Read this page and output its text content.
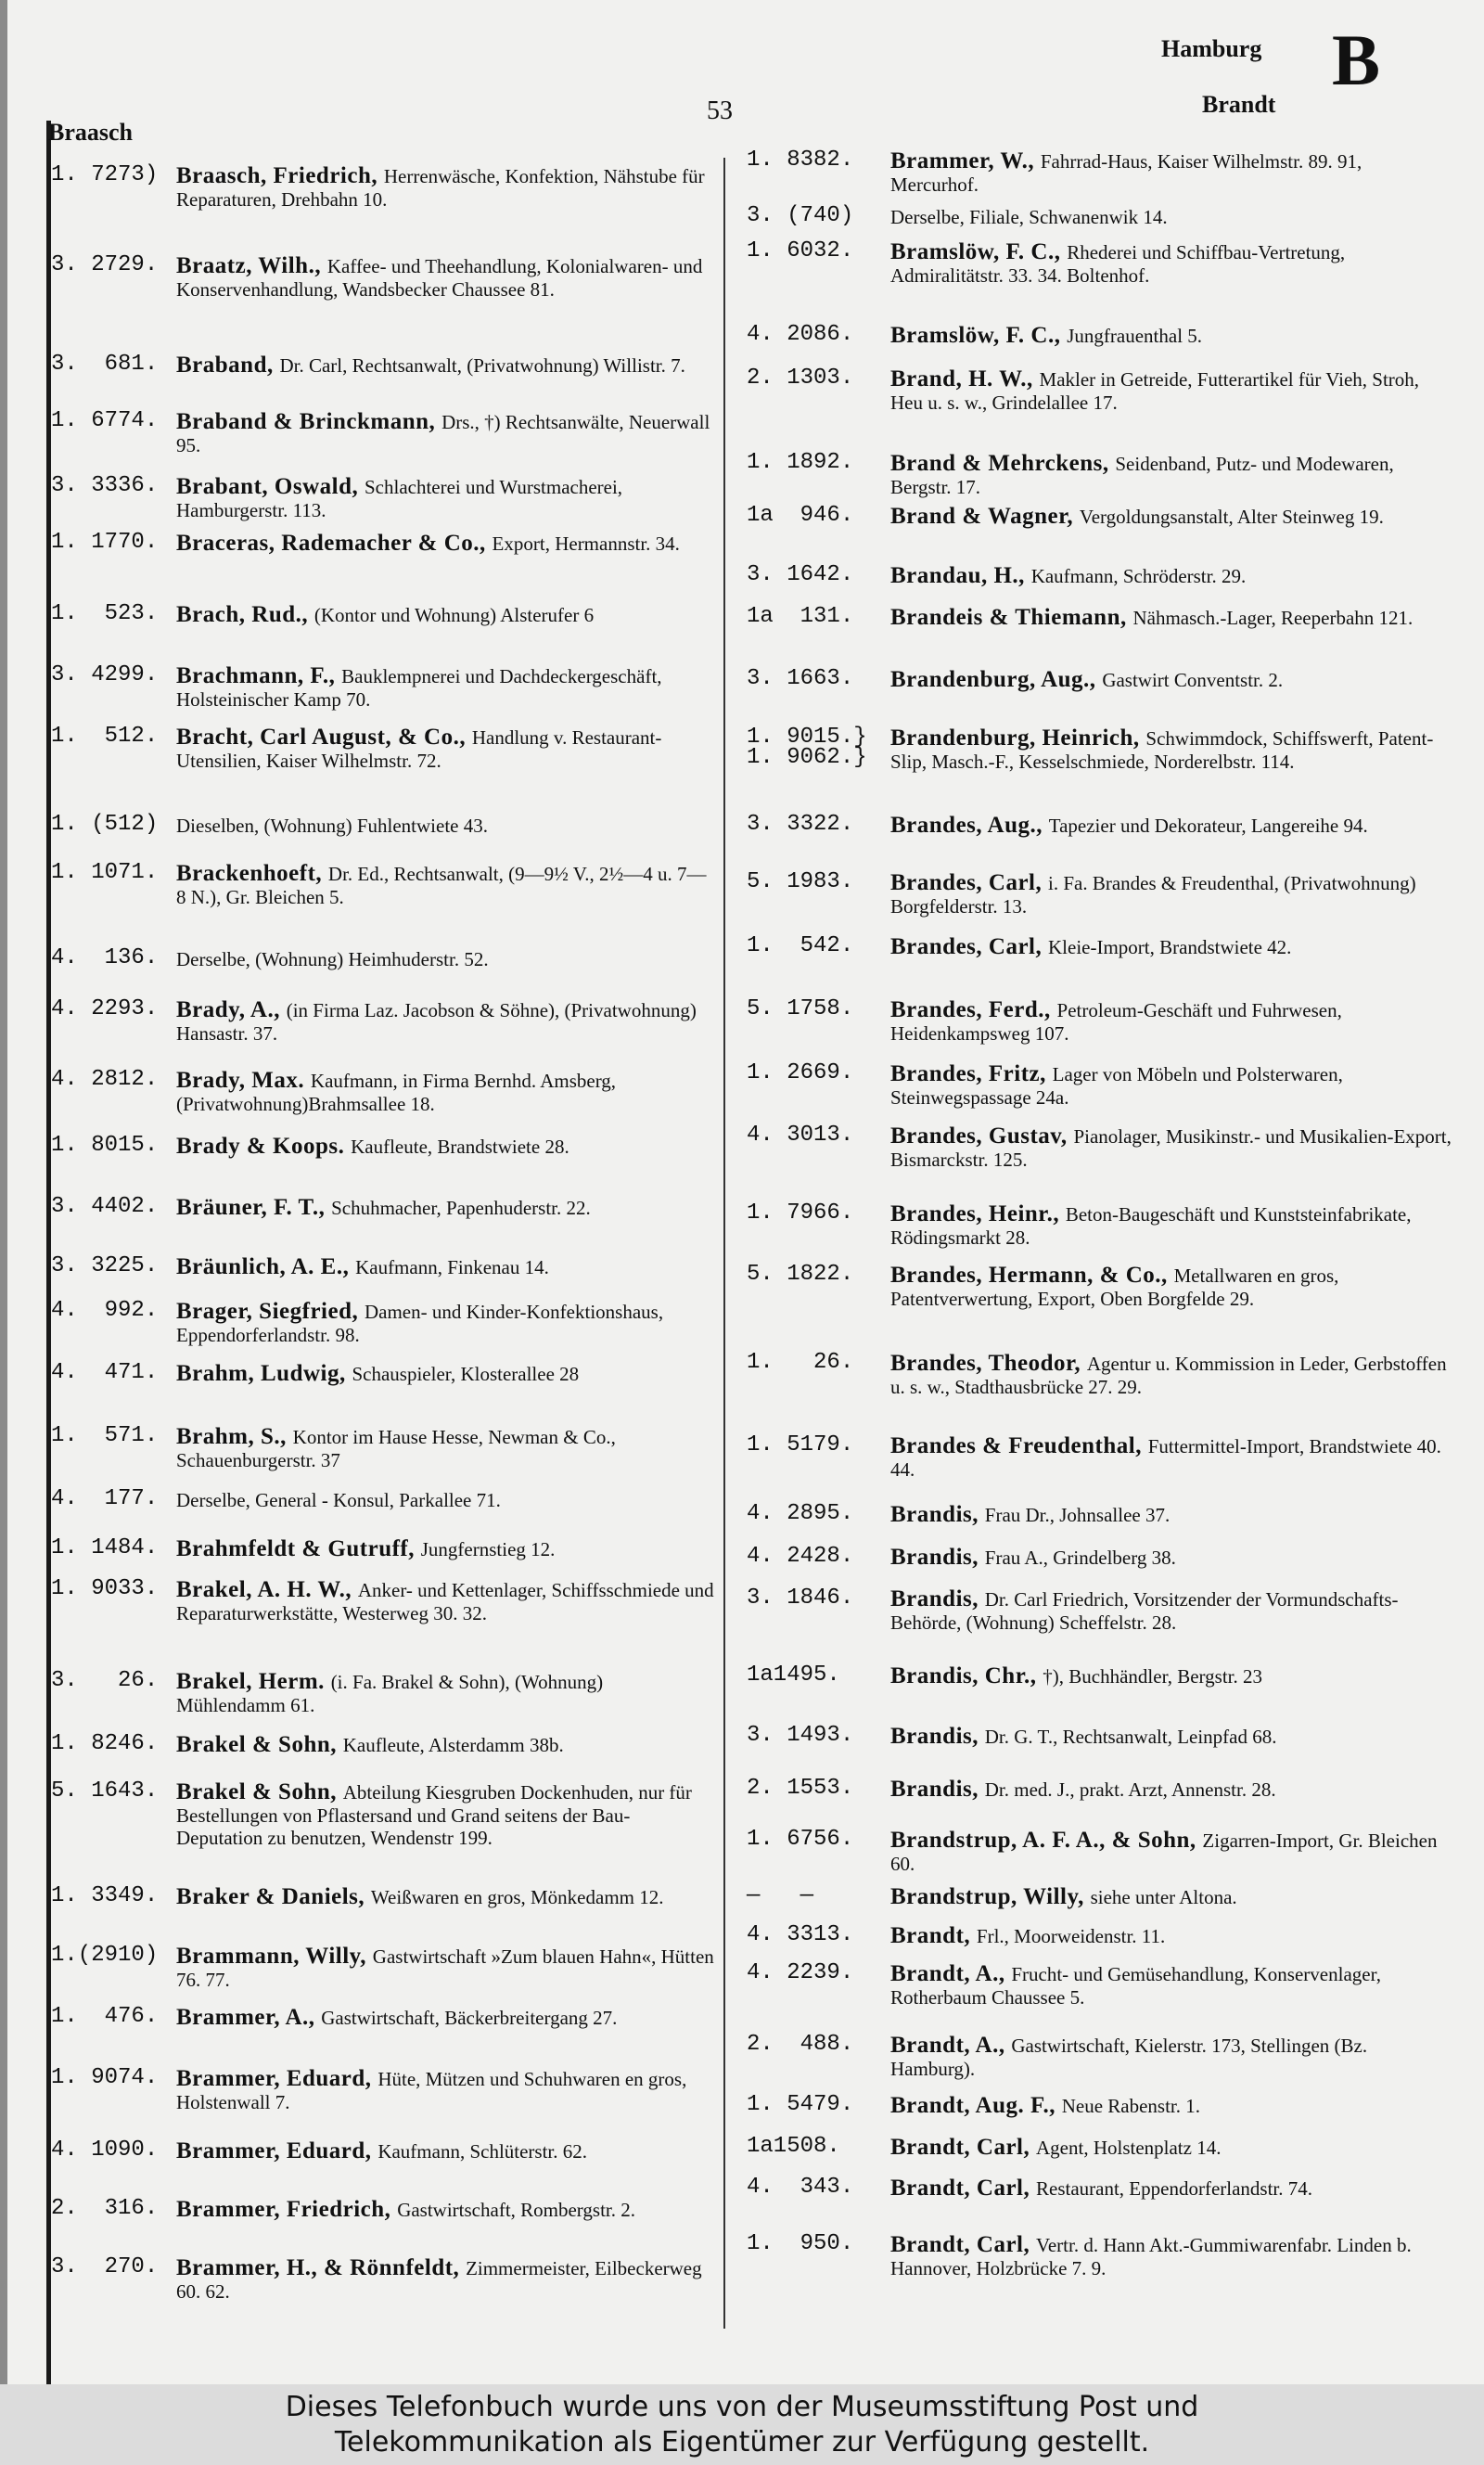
Braasch
53
Hamburg B
Brandt
1. 7273) Braasch, Friedrich, Herrenwäsche, Konfektion, Nähstube für Reparaturen, Drehbahn 10.
3. 2729. Braatz, Wilh., Kaffee- und Theehandlung, Kolonialwaren- und Konservenhandlung, Wandsbecker Chaussee 81.
3.  681. Braband, Dr. Carl, Rechtsanwalt, (Privatwohnung) Willistr. 7.
1. 6774. Braband & Brinckmann, Drs., †) Rechtsanwälte, Neuerwall 95.
3. 3336. Brabant, Oswald, Schlachterei und Wurstmacherei, Hamburgerstr. 113.
1. 1770. Braceras, Rademacher & Co., Export, Hermannstr. 34.
1.  523. Brach, Rud., (Kontor und Wohnung) Alsterufer 6
3. 4299. Brachmann, F., Bauklempnerei und Dachdeckergeschäft, Holsteinischer Kamp 70.
1.  512. Bracht, Carl August, & Co., Handlung v. Restaurant-Utensilien, Kaiser Wilhelmstr. 72.
1. (512) Dieselben, (Wohnung) Fuhlentwiete 43.
1. 1071. Brackenhoeft, Dr. Ed., Rechtsanwalt, (9—9½ V., 2½—4 u. 7—8 N.), Gr. Bleichen 5.
4.  136. Derselbe, (Wohnung) Heimhuderstr. 52.
4. 2293. Brady, A., (in Firma Laz. Jacobson & Söhne), (Privatwohnung) Hansastr. 37.
4. 2812. Brady, Max. Kaufmann, in Firma Bernhd. Amsberg, (Privatwohnung)Brahmsallee 18.
1. 8015. Brady & Koops. Kaufleute, Brandstwiete 28.
3. 4402. Bräuner, F. T., Schuhmacher, Papenhuderstr. 22.
3. 3225. Bräunlich, A. E., Kaufmann, Finkenau 14.
4.  992. Brager, Siegfried, Damen- und Kinder-Konfektionshaus, Eppendorferlandstr. 98.
4.  471. Brahm, Ludwig, Schauspieler, Klosterallee 28
1.  571. Brahm, S., Kontor im Hause Hesse, Newman & Co., Schauenburgerstr. 37
4.  177. Derselbe, General - Konsul, Parkallee 71.
1. 1484. Brahmfeldt & Gutruff, Jungfernstieg 12.
1. 9033. Brakel, A. H. W., Anker- und Kettenlager, Schiffsschmiede und Reparaturwerkstätte, Westerweg 30. 32.
3.   26. Brakel, Herm. (i. Fa. Brakel & Sohn), (Wohnung) Mühlendamm 61.
1. 8246. Brakel & Sohn, Kaufleute, Alsterdamm 38b.
5. 1643. Brakel & Sohn, Abteilung Kiesgruben Dockenhuden, nur für Bestellungen von Pflastersand und Grand seitens der Bau-Deputation zu benutzen, Wendenstr 199.
1. 3349. Braker & Daniels, Weißwaren en gros, Mönkedamm 12.
1.(2910) Brammann, Willy, Gastwirtschaft »Zum blauen Hahn«, Hütten 76. 77.
1.  476. Brammer, A., Gastwirtschaft, Bäckerbreitergang 27.
1. 9074. Brammer, Eduard, Hüte, Mützen und Schuhwaren en gros, Holstenwall 7.
4. 1090. Brammer, Eduard, Kaufmann, Schlüterstr. 62.
2.  316. Brammer, Friedrich, Gastwirtschaft, Rombergstr. 2.
3.  270. Brammer, H., & Rönnfeldt, Zimmermeister, Eilbeckerweg 60. 62.
1. 8382. Brammer, W., Fahrrad-Haus, Kaiser Wilhelmstr. 89. 91, Mercurhof.
3. (740) Derselbe, Filiale, Schwanenwik 14.
1. 6032. Bramslöw, F. C., Rhederei und Schiffbau-Vertretung, Admiralitätstr. 33. 34. Boltenhof.
4. 2086. Bramslöw, F. C., Jungfrauenthal 5.
2. 1303. Brand, H. W., Makler in Getreide, Futterartikel für Vieh, Stroh, Heu u. s. w., Grindelallee 17.
1. 1892. Brand & Mehrckens, Seidenband, Putz- und Modewaren, Bergstr. 17.
1a  946. Brand & Wagner, Vergoldungsanstalt, Alter Steinweg 19.
3. 1642. Brandau, H., Kaufmann, Schröderstr. 29.
1a  131. Brandeis & Thiemann, Nähmasch.-Lager, Reeperbahn 121.
3. 1663. Brandenburg, Aug., Gastwirt Conventstr. 2.
1. 9015.}
1. 9062.}
Brandenburg, Heinrich, Schwimmdock, Schiffswerft, Patent-Slip, Masch.-F., Kesselschmiede, Norderelbstr. 114.
3. 3322. Brandes, Aug., Tapezier und Dekorateur, Langereihe 94.
5. 1983. Brandes, Carl, i. Fa. Brandes & Freudenthal, (Privatwohnung) Borgfelderstr. 13.
1.  542. Brandes, Carl, Kleie-Import, Brandstwiete 42.
5. 1758. Brandes, Ferd., Petroleum-Geschäft und Fuhrwesen, Heidenkampsweg 107.
1. 2669. Brandes, Fritz, Lager von Möbeln und Polsterwaren, Steinwegspassage 24a.
4. 3013. Brandes, Gustav, Pianolager, Musikinstr.- und Musikalien-Export, Bismarckstr. 125.
1. 7966. Brandes, Heinr., Beton-Baugeschäft und Kunststeinfabrikate, Rödingsmarkt 28.
5. 1822. Brandes, Hermann, & Co., Metallwaren en gros, Patentverwertung, Export, Oben Borgfelde 29.
1.   26. Brandes, Theodor, Agentur u. Kommission in Leder, Gerbstoffen u. s. w., Stadthausbrücke 27. 29.
1. 5179. Brandes & Freudenthal, Futtermittel-Import, Brandstwiete 40. 44.
4. 2895. Brandis, Frau Dr., Johnsallee 37.
4. 2428. Brandis, Frau A., Grindelberg 38.
3. 1846. Brandis, Dr. Carl Friedrich, Vorsitzender der Vormundschafts-Behörde, (Wohnung) Scheffelstr. 28.
1a1495. Brandis, Chr., †), Buchhändler, Bergstr. 23
3. 1493. Brandis, Dr. G. T., Rechtsanwalt, Leinpfad 68.
2. 1553. Brandis, Dr. med. J., prakt. Arzt, Annenstr. 28.
1. 6756. Brandstrup, A. F. A., & Sohn, Zigarren-Import, Gr. Bleichen 60.
—   —	Brandstrup, Willy, siehe unter Altona.
4. 3313. Brandt, Frl., Moorweidenstr. 11.
4. 2239. Brandt, A., Frucht- und Gemüsehandlung, Konservenlager, Rotherbaum Chaussee 5.
2.  488. Brandt, A., Gastwirtschaft, Kielerstr. 173, Stellingen (Bz. Hamburg).
1. 5479. Brandt, Aug. F., Neue Rabenstr. 1.
1a1508. Brandt, Carl, Agent, Holstenplatz 14.
4.  343. Brandt, Carl, Restaurant, Eppendorferlandstr. 74.
1.  950. Brandt, Carl, Vertr. d. Hann Akt.-Gummiwarenfabr. Linden b. Hannover, Holzbrücke 7. 9.
Dieses Telefonbuch wurde uns von der Museumsstiftung Post und
Telekommunikation als Eigentümer zur Verfügung gestellt.
